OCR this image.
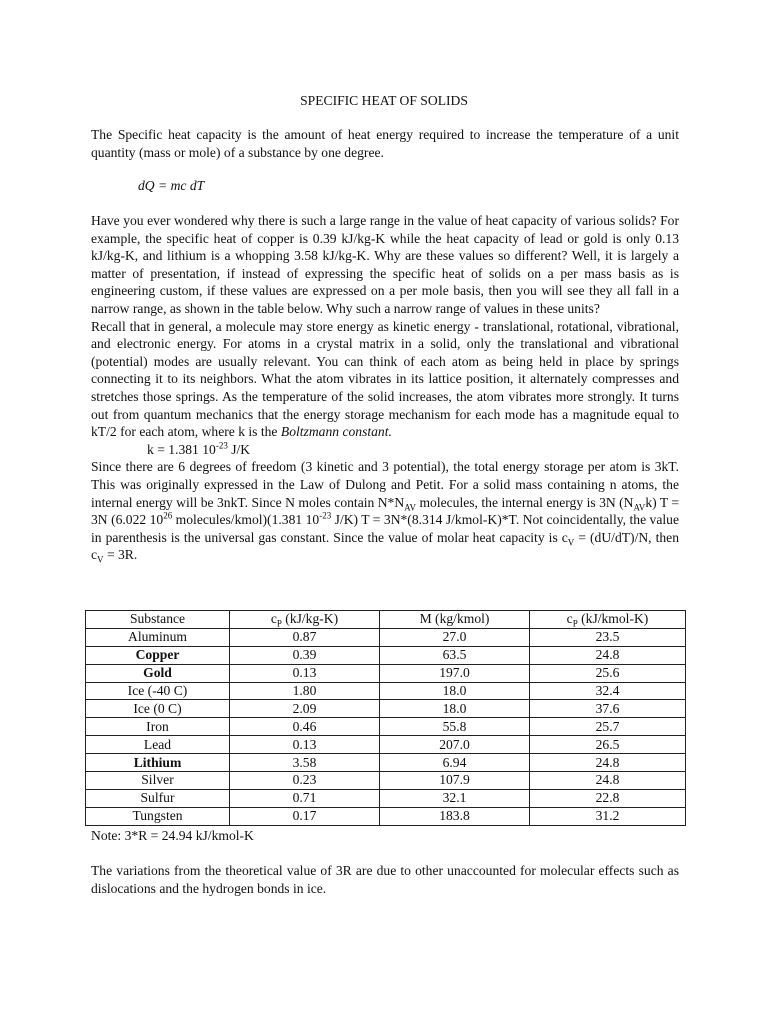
SPECIFIC HEAT OF SOLIDS

The Specific heat capacity is the amount of heat energy required to increase the temperature of a unit quantity (mass or mole) of a substance by one degree.

dQ = mc dT

Have you ever wondered why there is such a large range in the value of heat capacity of various solids? For example, the specific heat of copper is 0.39 kJ/kg-K while the heat capacity of lead or gold is only 0.13 kJ/kg-K, and lithium is a whopping 3.58 kJ/kg-K. Why are these values so different? Well, it is largely a matter of presentation, if instead of expressing the specific heat of solids on a per mass basis as is engineering custom, if these values are expressed on a per mole basis, then you will see they all fall in a narrow range, as shown in the table below. Why such a narrow range of values in these units?

Recall that in general, a molecule may store energy as kinetic energy - translational, rotational, vibrational, and electronic energy. For atoms in a crystal matrix in a solid, only the translational and vibrational (potential) modes are usually relevant. You can think of each atom as being held in place by springs connecting it to its neighbors. What the atom vibrates in its lattice position, it alternately compresses and stretches those springs. As the temperature of the solid increases, the atom vibrates more strongly. It turns out from quantum mechanics that the energy storage mechanism for each mode has a magnitude equal to kT/2 for each atom, where k is the Boltzmann constant.

k = 1.381 $10^{-23}$ J/K

Since there are 6 degrees of freedom (3 kinetic and 3 potential), the total energy storage per atom is 3kT. This was originally expressed in the Law of Dulong and Petit. For a solid mass containing n atoms, the internal energy will be 3nkT. Since N moles contain $N*N_{AV}$ molecules, the internal energy is 3N $(N_{AV}k) T = 3N$ (6.022 $10^{26}$ molecules/kmol)(1.381 $10^{-23}$ J/K) T = 3N*(8.314 J/kmol-K)*T. Not coincidentally, the value in parenthesis is the universal gas constant. Since the value of molar heat capacity is $c_V = (dU/dT)/N$, then $c_V = 3R$.

Substance	$c_P$ (kJ/kg-K)	M (kg/kmol)	$c_P$ (kJ/kmol-K)
Aluminum	0.87	27.0	23.5
Copper	0.39	63.5	24.8
Gold	0.13	197.0	25.6
Ice (-40 C)	1.80	18.0	32.4
Ice (0 C)	2.09	18.0	37.6
Iron	0.46	55.8	25.7
Lead	0.13	207.0	26.5
Lithium	3.58	6.94	24.8
Silver	0.23	107.9	24.8
Sulfur	0.71	32.1	22.8
Tungsten	0.17	183.8	31.2
Note: 3*R = 24.94 kJ/kmol-K
The variations from the theoretical value of 3R are due to other unaccounted for molecular effects such as dislocations and the hydrogen bonds in ice.
